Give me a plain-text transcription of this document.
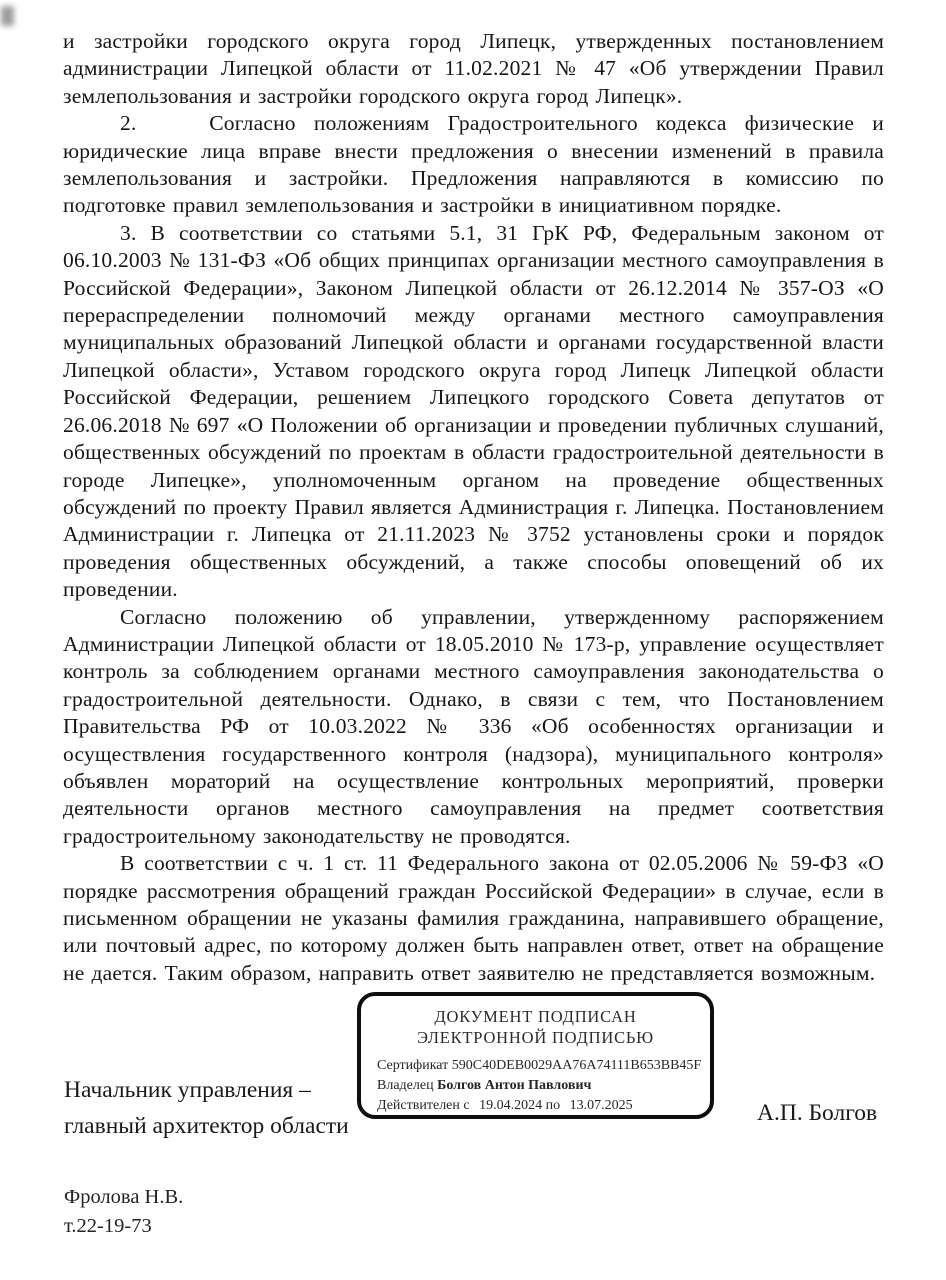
и застройки городского округа город Липецк, утвержденных постановлением администрации Липецкой области от 11.02.2021 № 47 «Об утверждении Правил землепользования и застройки городского округа город Липецк».

2.    Согласно положениям Градостроительного кодекса физические и юридические лица вправе внести предложения о внесении изменений в правила землепользования и застройки. Предложения направляются в комиссию по подготовке правил землепользования и застройки в инициативном порядке.

3. В соответствии со статьями 5.1, 31 ГрК РФ, Федеральным законом от 06.10.2003 № 131-ФЗ «Об общих принципах организации местного самоуправления в Российской Федерации», Законом Липецкой области от 26.12.2014 № 357-ОЗ «О перераспределении полномочий между органами местного самоуправления муниципальных образований Липецкой области и органами государственной власти Липецкой области», Уставом городского округа город Липецк Липецкой области Российской Федерации, решением Липецкого городского Совета депутатов от 26.06.2018 № 697 «О Положении об организации и проведении публичных слушаний, общественных обсуждений по проектам в области градостроительной деятельности в городе Липецке», уполномоченным органом на проведение общественных обсуждений по проекту Правил является Администрация г. Липецка. Постановлением Администрации г. Липецка от 21.11.2023 № 3752 установлены сроки и порядок проведения общественных обсуждений, а также способы оповещений об их проведении.

Согласно положению об управлении, утвержденному распоряжением Администрации Липецкой области от 18.05.2010 № 173-р, управление осуществляет контроль за соблюдением органами местного самоуправления законодательства о градостроительной деятельности. Однако, в связи с тем, что Постановлением Правительства РФ от 10.03.2022 № 336 «Об особенностях организации и осуществления государственного контроля (надзора), муниципального контроля» объявлен мораторий на осуществление контрольных мероприятий, проверки деятельности органов местного самоуправления на предмет соответствия градостроительному законодательству не проводятся.

В соответствии с ч. 1 ст. 11 Федерального закона от 02.05.2006 № 59-ФЗ «О порядке рассмотрения обращений граждан Российской Федерации» в случае, если в письменном обращении не указаны фамилия гражданина, направившего обращение, или почтовый адрес, по которому должен быть направлен ответ, ответ на обращение не дается. Таким образом, направить ответ заявителю не представляется возможным.

ДОКУМЕНТ ПОДПИСАН
ЭЛЕКТРОННОЙ ПОДПИСЬЮ
Сертификат 590C40DEB0029AA76A74111B653BB45F
Владелец Болгов Антон Павлович
Действителен с 19.04.2024 по 13.07.2025
Начальник управления –
главный архитектор области	А.П. Болгов
Фролова Н.В.
т.22-19-73
